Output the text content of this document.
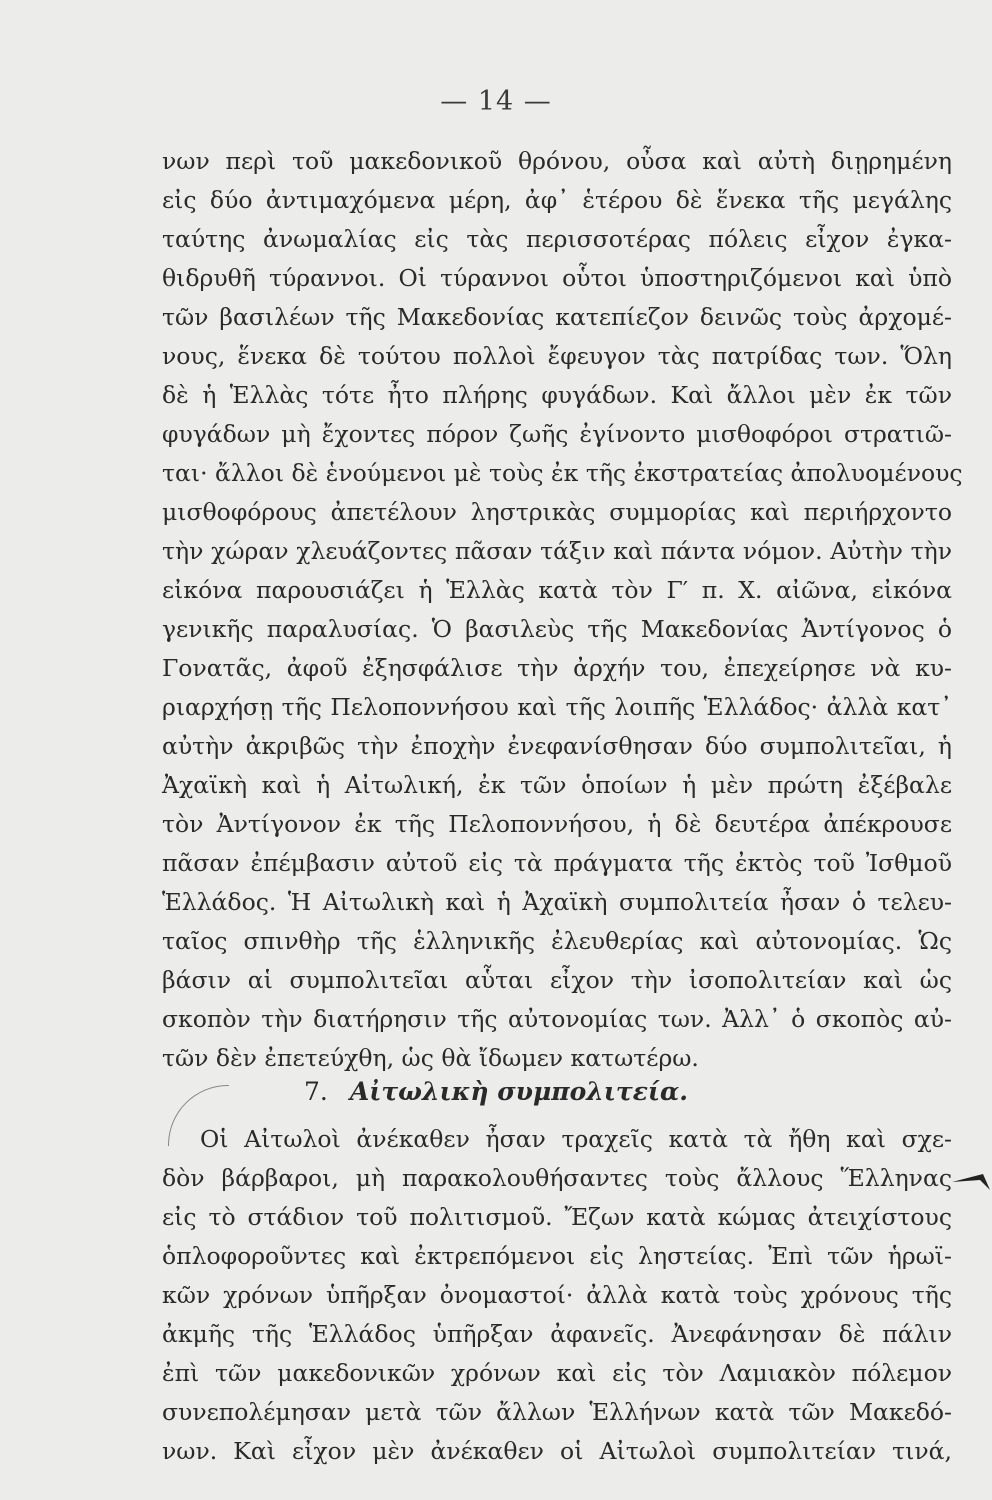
— 14 —
νων περὶ τοῦ μακεδονικοῦ θρόνου, οὖσα καὶ αὐτὴ διῃρημένη
εἰς δύο ἀντιμαχόμενα μέρη, ἀφ᾽ ἑτέρου δὲ ἕνεκα τῆς μεγάλης
ταύτης ἀνωμαλίας εἰς τὰς περισσοτέρας πόλεις εἶχον ἐγκα-
θιδρυθῆ τύραννοι. Οἱ τύραννοι οὗτοι ὑποστηριζόμενοι καὶ ὑπὸ
τῶν βασιλέων τῆς Μακεδονίας κατεπίεζον δεινῶς τοὺς ἀρχομέ-
νους, ἕνεκα δὲ τούτου πολλοὶ ἔφευγον τὰς πατρίδας των. Ὅλη
δὲ ἡ Ἑλλὰς τότε ἦτο πλήρης φυγάδων. Καὶ ἄλλοι μὲν ἐκ τῶν
φυγάδων μὴ ἔχοντες πόρον ζωῆς ἐγίνοντο μισθοφόροι στρατιῶ-
ται· ἄλλοι δὲ ἑνούμενοι μὲ τοὺς ἐκ τῆς ἐκστρατείας ἀπολυομένους
μισθοφόρους ἀπετέλουν ληστρικὰς συμμορίας καὶ περιήρχοντο
τὴν χώραν χλευάζοντες πᾶσαν τάξιν καὶ πάντα νόμον. Αὐτὴν τὴν
εἰκόνα παρουσιάζει ἡ Ἑλλὰς κατὰ τὸν Γ′ π. Χ. αἰῶνα, εἰκόνα
γενικῆς παραλυσίας. Ὁ βασιλεὺς τῆς Μακεδονίας Ἀντίγονος ὁ
Γονατᾶς, ἀφοῦ ἐξησφάλισε τὴν ἀρχήν του, ἐπεχείρησε νὰ κυ-
ριαρχήσῃ τῆς Πελοποννήσου καὶ τῆς λοιπῆς Ἑλλάδος· ἀλλὰ κατ᾽
αὐτὴν ἀκριβῶς τὴν ἐποχὴν ἐνεφανίσθησαν δύο συμπολιτεῖαι, ἡ
Ἀχαϊκὴ καὶ ἡ Αἰτωλική, ἐκ τῶν ὁποίων ἡ μὲν πρώτη ἐξέβαλε
τὸν Ἀντίγονον ἐκ τῆς Πελοποννήσου, ἡ δὲ δευτέρα ἀπέκρουσε
πᾶσαν ἐπέμβασιν αὐτοῦ εἰς τὰ πράγματα τῆς ἐκτὸς τοῦ Ἰσθμοῦ
Ἑλλάδος. Ἡ Αἰτωλικὴ καὶ ἡ Ἀχαϊκὴ συμπολιτεία ἦσαν ὁ τελευ-
ταῖος σπινθὴρ τῆς ἑλληνικῆς ἐλευθερίας καὶ αὐτονομίας. Ὡς
βάσιν αἱ συμπολιτεῖαι αὗται εἶχον τὴν ἰσοπολιτείαν καὶ ὡς
σκοπὸν τὴν διατήρησιν τῆς αὐτονομίας των. Ἀλλ᾽ ὁ σκοπὸς αὐ-
τῶν δὲν ἐπετεύχθη, ὡς θὰ ἴδωμεν κατωτέρω.
7. Αἰτωλικὴ συμπολιτεία.
Οἱ Αἰτωλοὶ ἀνέκαθεν ἦσαν τραχεῖς κατὰ τὰ ἤθη καὶ σχε-
δὸν βάρβαροι, μὴ παρακολουθήσαντες τοὺς ἄλλους Ἕλληνας
εἰς τὸ στάδιον τοῦ πολιτισμοῦ. Ἔζων κατὰ κώμας ἀτειχίστους
ὁπλοφοροῦντες καὶ ἐκτρεπόμενοι εἰς ληστείας. Ἐπὶ τῶν ἡρωϊ-
κῶν χρόνων ὑπῆρξαν ὀνομαστοί· ἀλλὰ κατὰ τοὺς χρόνους τῆς
ἀκμῆς τῆς Ἑλλάδος ὑπῆρξαν ἀφανεῖς. Ἀνεφάνησαν δὲ πάλιν
ἐπὶ τῶν μακεδονικῶν χρόνων καὶ εἰς τὸν Λαμιακὸν πόλεμον
συνεπολέμησαν μετὰ τῶν ἄλλων Ἑλλήνων κατὰ τῶν Μακεδό-
νων. Καὶ εἶχον μὲν ἀνέκαθεν οἱ Αἰτωλοὶ συμπολιτείαν τινά,
